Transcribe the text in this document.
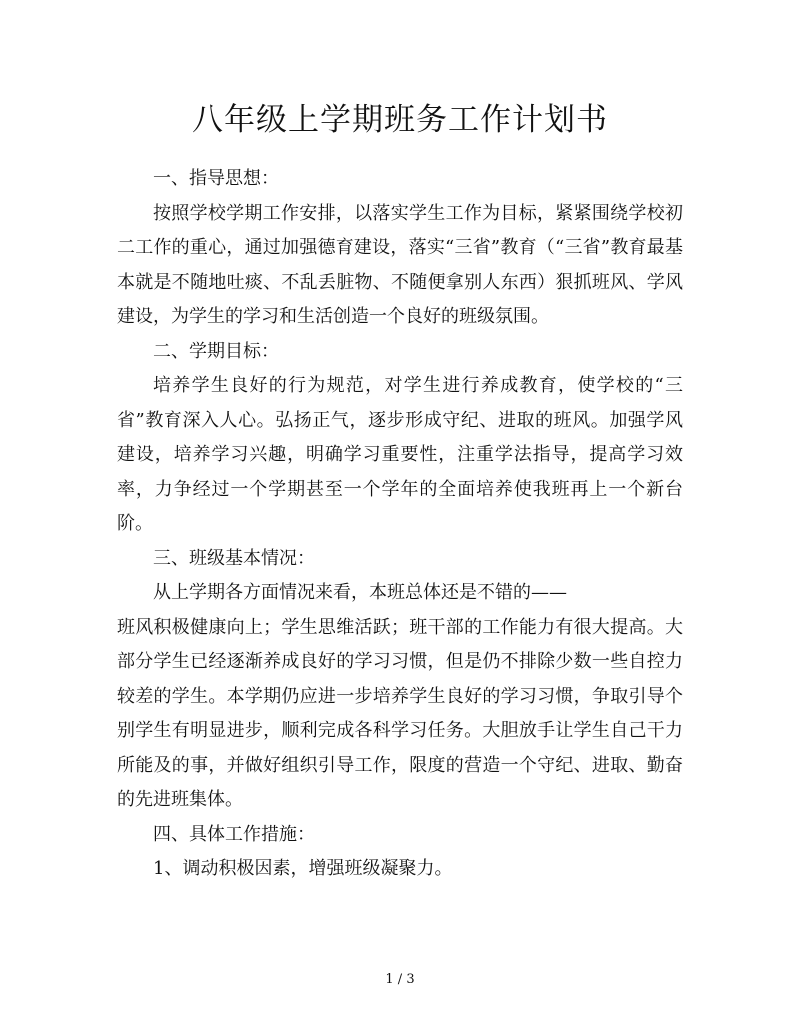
八年级上学期班务工作计划书

一、指导思想：

按照学校学期工作安排，以落实学生工作为目标，紧紧围绕学校初二工作的重心，通过加强德育建设，落实“三省”教育（“三省”教育最基本就是不随地吐痰、不乱丢脏物、不随便拿别人东西）狠抓班风、学风建设，为学生的学习和生活创造一个良好的班级氛围。

二、学期目标：

培养学生良好的行为规范，对学生进行养成教育，使学校的“三省”教育深入人心。弘扬正气，逐步形成守纪、进取的班风。加强学风建设，培养学习兴趣，明确学习重要性，注重学法指导，提高学习效率，力争经过一个学期甚至一个学年的全面培养使我班再上一个新台阶。

三、班级基本情况：

从上学期各方面情况来看，本班总体还是不错的——

班风积极健康向上；学生思维活跃；班干部的工作能力有很大提高。大部分学生已经逐渐养成良好的学习习惯，但是仍不排除少数一些自控力较差的学生。本学期仍应进一步培养学生良好的学习习惯，争取引导个别学生有明显进步，顺利完成各科学习任务。大胆放手让学生自己干力所能及的事，并做好组织引导工作，限度的营造一个守纪、进取、勤奋的先进班集体。

四、具体工作措施：

1、调动积极因素，增强班级凝聚力。

1 / 3
